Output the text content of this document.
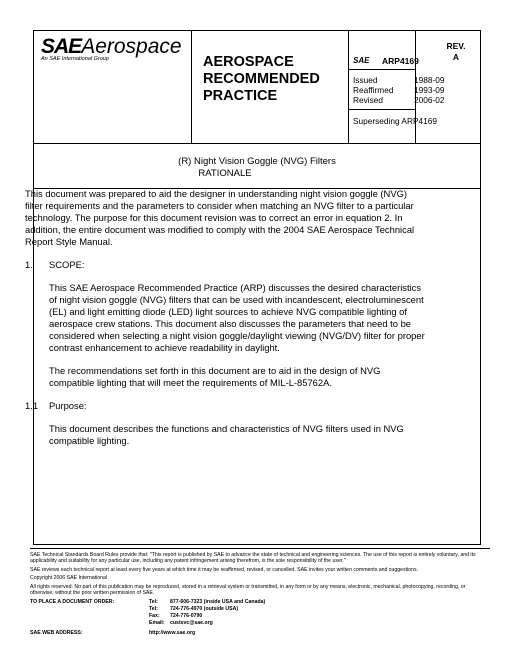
SAEAerospace
An SAE International Group	AEROSPACE
RECOMMENDED
PRACTICE
SAE ARP4169
Issued	1988-09
Reaffirmed 1993-09
Revised	2006-02
Superseding ARP4169
REV.
A
(R) Night Vision Goggle (NVG) Filters
RATIONALE

This document was prepared to aid the designer in understanding night vision goggle (NVG) filter requirements and the parameters to consider when matching an NVG filter to a particular technology. The purpose for this document revision was to correct an error in equation 2. In addition, the entire document was modified to comply with the 2004 SAE Aerospace Technical Report Style Manual.

1.	SCOPE:

This SAE Aerospace Recommended Practice (ARP) discusses the desired characteristics of night vision goggle (NVG) filters that can be used with incandescent, electroluminescent (EL) and light emitting diode (LED) light sources to achieve NVG compatible lighting of aerospace crew stations. This document also discusses the parameters that need to be considered when selecting a night vision goggle/daylight viewing (NVG/DV) filter for proper contrast enhancement to achieve readability in daylight.

The recommendations set forth in this document are to aid in the design of NVG compatible lighting that will meet the requirements of MIL-L-85762A.

1.1	Purpose:

This document describes the functions and characteristics of NVG filters used in NVG compatible lighting.

SAE Technical Standards Board Rules provide that: "This report is published by SAE to advance the state of technical and engineering sciences. The use of this report is entirely voluntary, and its applicability and suitability for any particular use, including any patent infringement arising therefrom, is the sole responsibility of the user."

SAE reviews each technical report at least every five years at which time it may be reaffirmed, revised, or cancelled. SAE invites your written comments and suggestions.

Copyright 2006 SAE International

All rights reserved. No part of this publication may be reproduced, stored in a retrieval system or transmitted, in any form or by any means, electronic, mechanical, photocopying, recording, or otherwise, without the prior written permission of SAE.

TO PLACE A DOCUMENT ORDER:	Tel: 877-606-7323 (inside USA and Canada)
Tel: 724-776-4970 (outside USA)
Fax: 724-776-0790
Email: custsvc@sae.org
SAE WEB ADDRESS:	http://www.sae.org
